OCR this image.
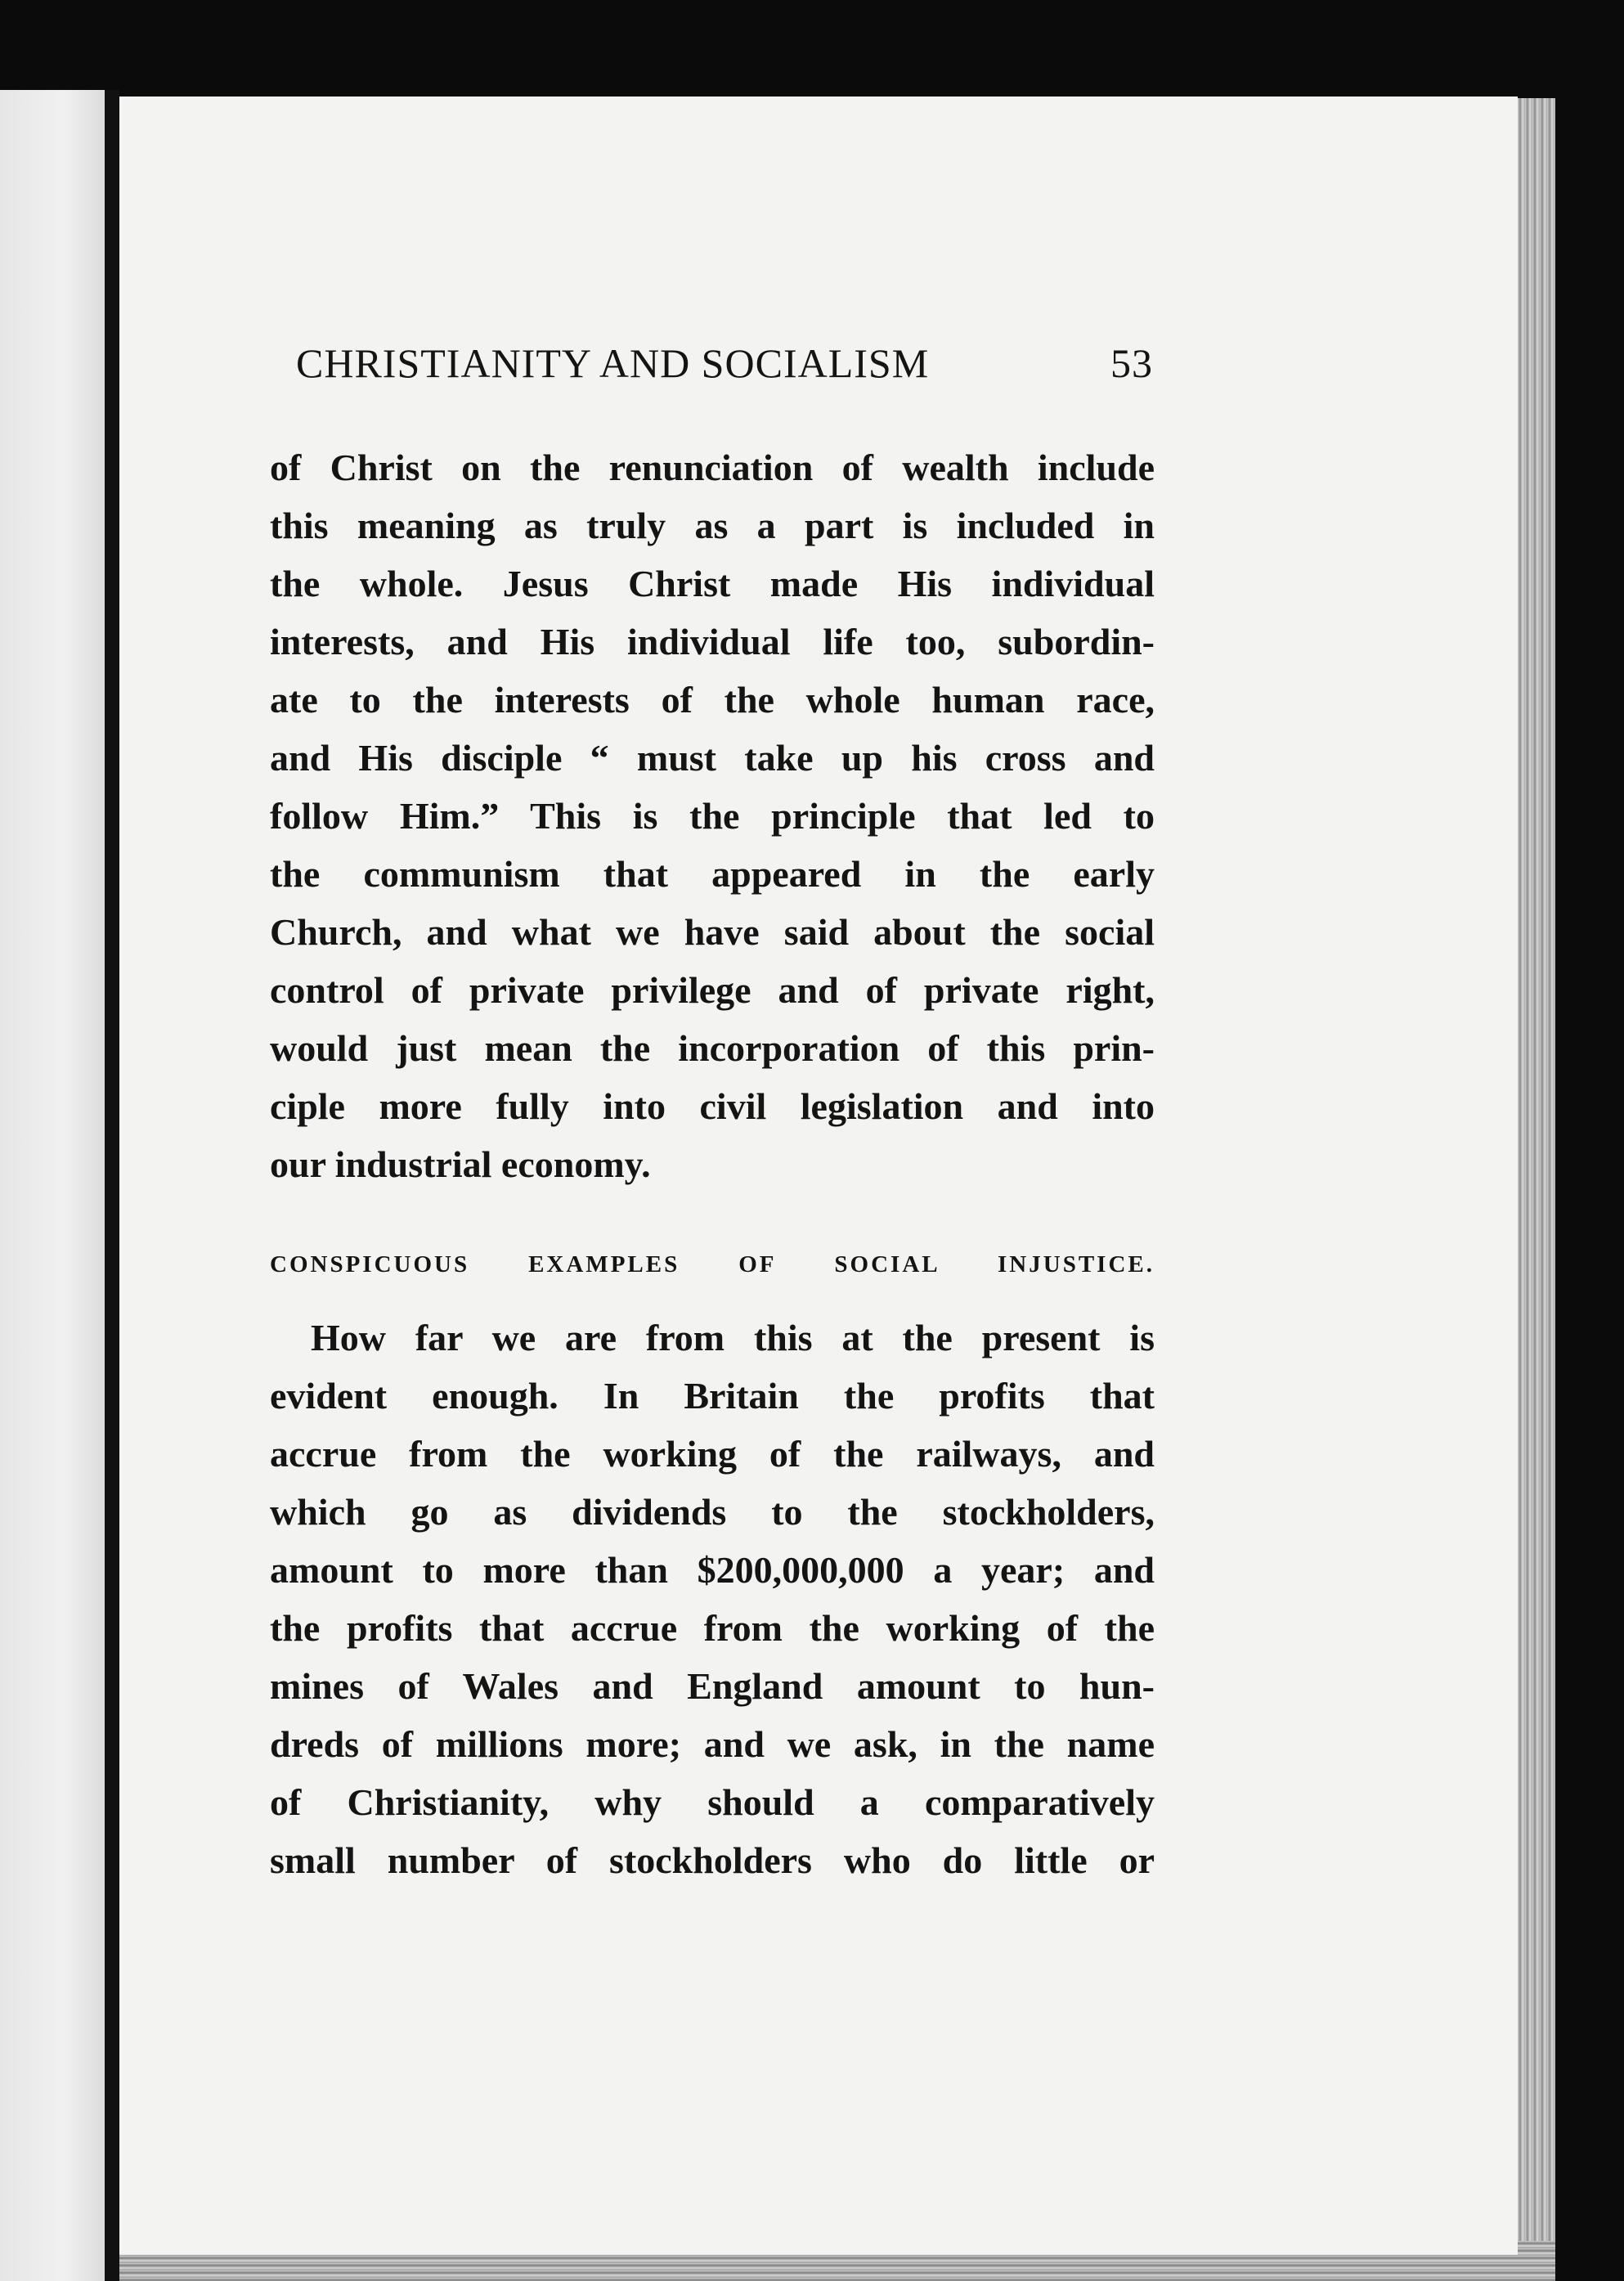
CHRISTIANITY AND SOCIALISM	53
of Christ on the renunciation of wealth include
this meaning as truly as a part is included in
the whole. Jesus Christ made His individual
interests, and His individual life too, subordin-
ate to the interests of the whole human race,
and His disciple “ must take up his cross and
follow Him.” This is the principle that led to
the communism that appeared in the early
Church, and what we have said about the social
control of private privilege and of private right,
would just mean the incorporation of this prin-
ciple more fully into civil legislation and into
our industrial economy.
CONSPICUOUS EXAMPLES OF SOCIAL INJUSTICE.
How far we are from this at the present is
evident enough. In Britain the profits that
accrue from the working of the railways, and
which go as dividends to the stockholders,
amount to more than $200,000,000 a year; and
the profits that accrue from the working of the
mines of Wales and England amount to hun-
dreds of millions more; and we ask, in the name
of Christianity, why should a comparatively
small number of stockholders who do little or
